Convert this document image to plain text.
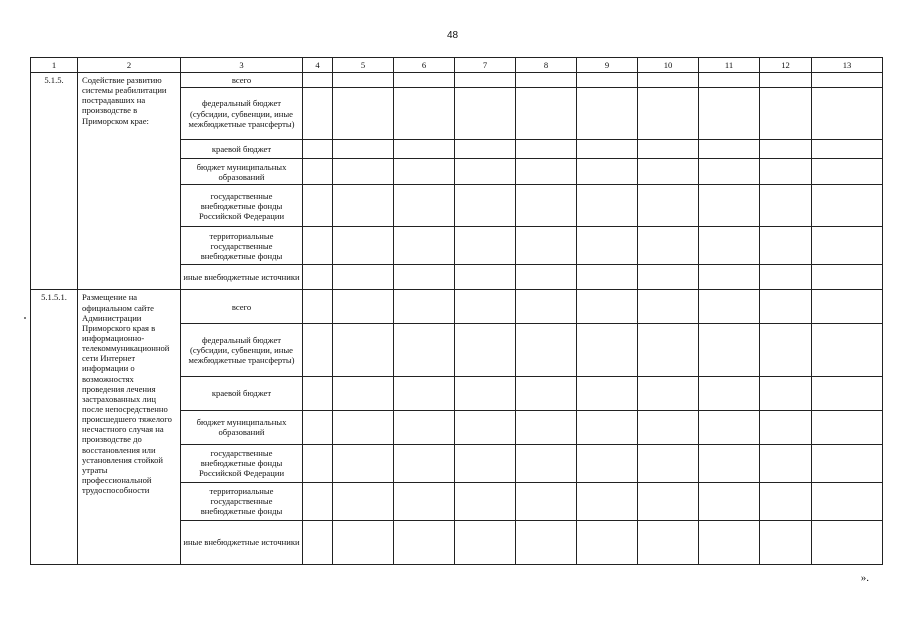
48
1	2	3	4	5	6	7	8	9	10	11	12	13
5.1.5.	Содействие развитию системы реабилитации пострадавших на производстве в Приморском крае:	всего										
		федеральный бюджет (субсидии, субвенции, иные межбюджетные трансферты)										
		краевой бюджет										
		бюджет муниципальных образований										
		государственные внебюджетные фонды Российской Федерации										
		территориальные государственные внебюджетные фонды										
		иные внебюджетные источники										
5.1.5.1.	Размещение на официальном сайте Администрации Приморского края в информационно-телекоммуникационной сети Интернет информации о возможностях проведения лечения застрахованных лиц после непосредственно происшедшего тяжелого несчастного случая на производстве до восстановления или установления стойкой утраты профессиональной трудоспособности	всего										
		федеральный бюджет (субсидии, субвенции, иные межбюджетные трансферты)										
		краевой бюджет										
		бюджет муниципальных образований										
		государственные внебюджетные фонды Российской Федерации										
		территориальные государственные внебюджетные фонды										
		иные внебюджетные источники										
».
